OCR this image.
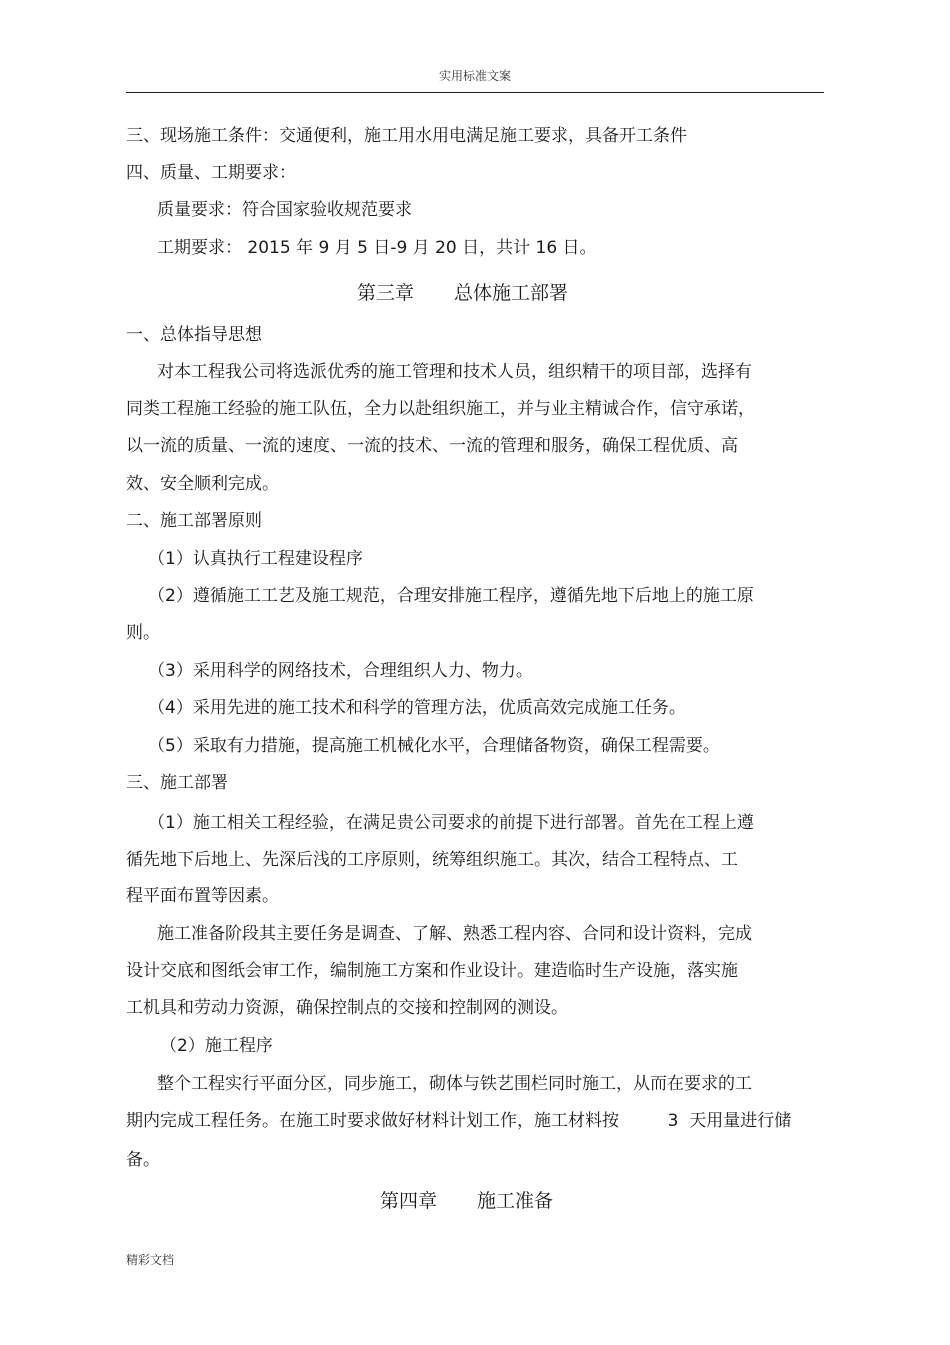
实用标准文案
三、现场施工条件：交通便利，施工用水用电满足施工要求，具备开工条件
四、质量、工期要求：
质量要求：符合国家验收规范要求
工期要求： 2015 年 9 月 5 日-9 月 20 日，共计 16 日。
第三章 总体施工部署
一、总体指导思想
对本工程我公司将选派优秀的施工管理和技术人员，组织精干的项目部，选择有
同类工程施工经验的施工队伍，全力以赴组织施工，并与业主精诚合作，信守承诺，
以一流的质量、一流的速度、一流的技术、一流的管理和服务，确保工程优质、高
效、安全顺利完成。
二、施工部署原则
（1）认真执行工程建设程序
（2）遵循施工工艺及施工规范，合理安排施工程序，遵循先地下后地上的施工原
则。
（3）采用科学的网络技术，合理组织人力、物力。
（4）采用先进的施工技术和科学的管理方法，优质高效完成施工任务。
（5）采取有力措施，提高施工机械化水平，合理储备物资，确保工程需要。
三、施工部署
（1）施工相关工程经验，在满足贵公司要求的前提下进行部署。首先在工程上遵
循先地下后地上、先深后浅的工序原则，统筹组织施工。其次，结合工程特点、工
程平面布置等因素。
施工准备阶段其主要任务是调查、了解、熟悉工程内容、合同和设计资料，完成
设计交底和图纸会审工作，编制施工方案和作业设计。建造临时生产设施，落实施
工机具和劳动力资源，确保控制点的交接和控制网的测设。
（2）施工程序
整个工程实行平面分区，同步施工，砌体与铁艺围栏同时施工，从而在要求的工
期内完成工程任务。在施工时要求做好材料计划工作，施工材料按         3  天用量进行储
备。
第四章 施工准备
精彩文档
